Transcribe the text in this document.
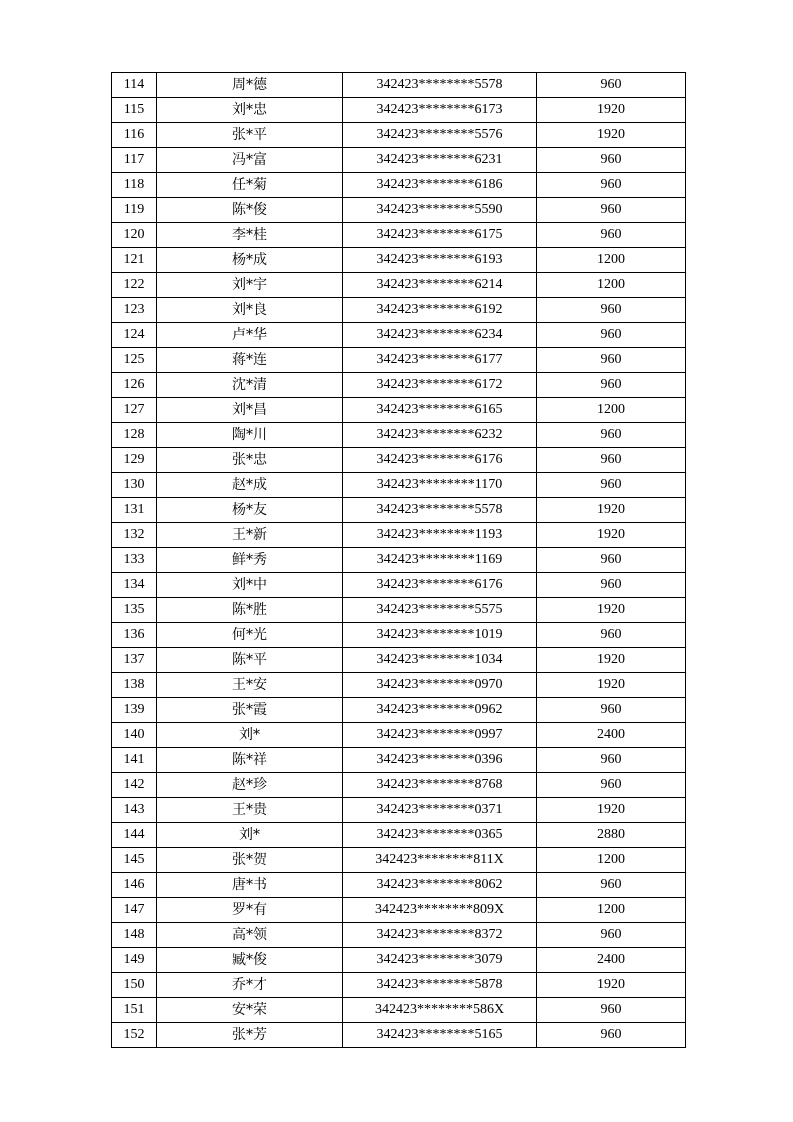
114	周*德	342423********5578	960
115	刘*忠	342423********6173	1920
116	张*平	342423********5576	1920
117	冯*富	342423********6231	960
118	任*菊	342423********6186	960
119	陈*俊	342423********5590	960
120	李*桂	342423********6175	960
121	杨*成	342423********6193	1200
122	刘*宇	342423********6214	1200
123	刘*良	342423********6192	960
124	卢*华	342423********6234	960
125	蒋*连	342423********6177	960
126	沈*清	342423********6172	960
127	刘*昌	342423********6165	1200
128	陶*川	342423********6232	960
129	张*忠	342423********6176	960
130	赵*成	342423********1170	960
131	杨*友	342423********5578	1920
132	王*新	342423********1193	1920
133	鲜*秀	342423********1169	960
134	刘*中	342423********6176	960
135	陈*胜	342423********5575	1920
136	何*光	342423********1019	960
137	陈*平	342423********1034	1920
138	王*安	342423********0970	1920
139	张*霞	342423********0962	960
140	刘*	342423********0997	2400
141	陈*祥	342423********0396	960
142	赵*珍	342423********8768	960
143	王*贵	342423********0371	1920
144	刘*	342423********0365	2880
145	张*贺	342423********811X	1200
146	唐*书	342423********8062	960
147	罗*有	342423********809X	1200
148	高*领	342423********8372	960
149	臧*俊	342423********3079	2400
150	乔*才	342423********5878	1920
151	安*荣	342423********586X	960
152	张*芳	342423********5165	960
